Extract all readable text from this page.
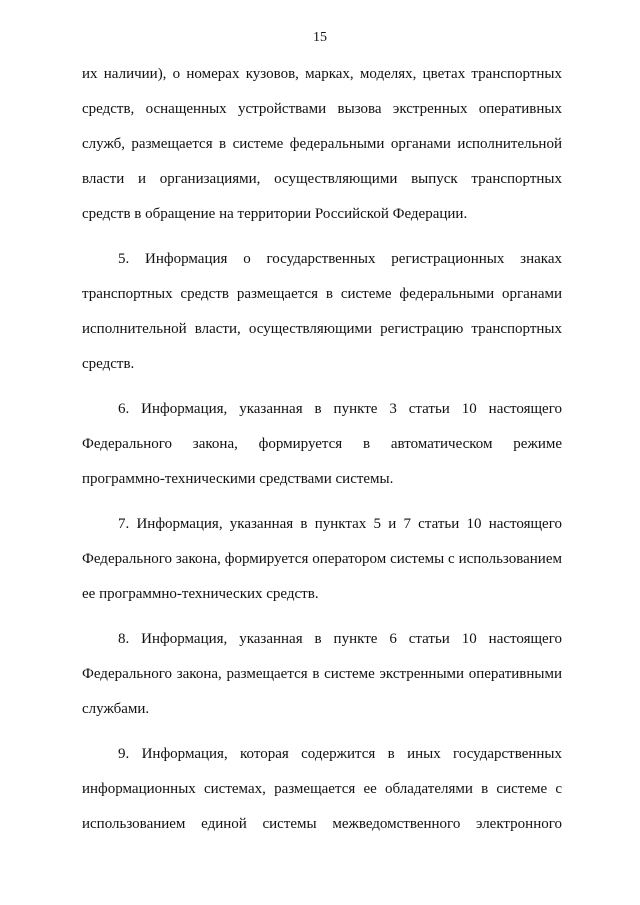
15

их наличии), о номерах кузовов, марках, моделях, цветах транспортных средств, оснащенных устройствами вызова экстренных оперативных служб, размещается в системе федеральными органами исполнительной власти и организациями, осуществляющими выпуск транспортных средств в обращение на территории Российской Федерации.

5. Информация о государственных регистрационных знаках транспортных средств размещается в системе федеральными органами исполнительной власти, осуществляющими регистрацию транспортных средств.

6. Информация, указанная в пункте 3 статьи 10 настоящего Федерального закона, формируется в автоматическом режиме программно-техническими средствами системы.

7. Информация, указанная в пунктах 5 и 7 статьи 10 настоящего Федерального закона, формируется оператором системы с использованием ее программно-технических средств.

8. Информация, указанная в пункте 6 статьи 10 настоящего Федерального закона, размещается в системе экстренными оперативными службами.

9. Информация, которая содержится в иных государственных информационных системах, размещается ее обладателями в системе с использованием единой системы межведомственного электронного
